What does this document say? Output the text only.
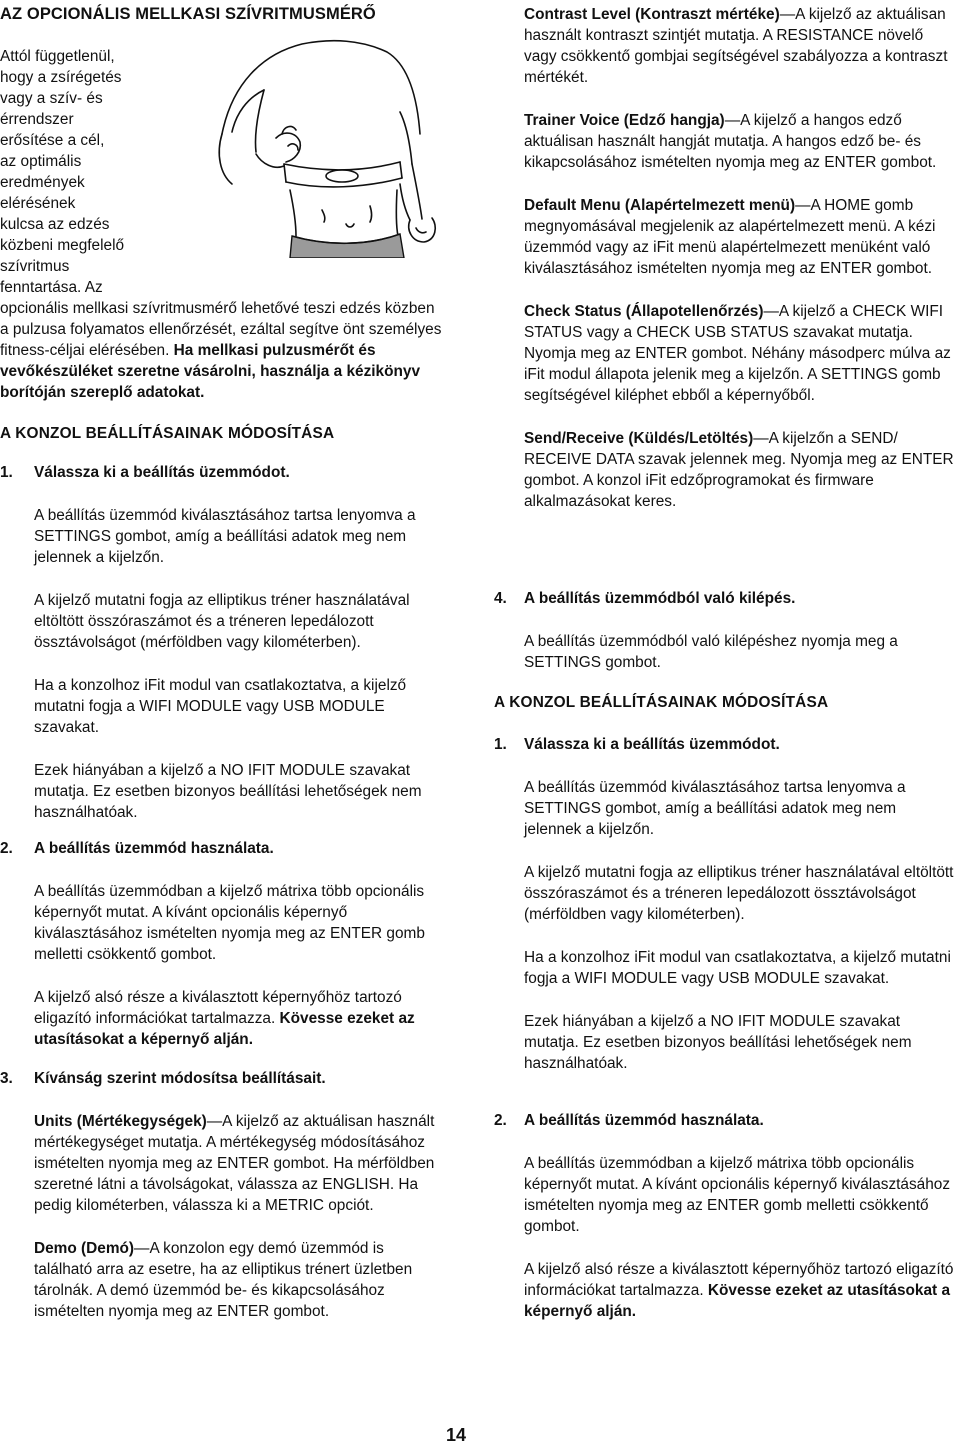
AZ OPCIONÁLIS MELLKASI SZÍVRITMUSMÉRŐ

Attól függetlenül,

hogy a zsírégetés

vagy a szív- és

érrendszer

erősítése a cél,

az optimális

eredmények

elérésének

kulcsa az edzés

közbeni megfelelő

szívritmus

fenntartása. Az

opcionális mellkasi szívritmusmérő lehetővé teszi edzés közben a pulzusa folyamatos ellenőrzését, ezáltal segítve önt személyes fitness-céljai elérésében. Ha mellkasi pulzusmérőt és vevőkészüléket szeretne vásárolni, használja a kézikönyv borítóján szereplő adatokat.

A KONZOL BEÁLLÍTÁSAINAK MÓDOSÍTÁSA

1. Válassza ki a beállítás üzemmódot.

A beállítás üzemmód kiválasztásához tartsa lenyomva a SETTINGS gombot, amíg a beállítási adatok meg nem jelennek a kijelzőn.

A kijelző mutatni fogja az elliptikus tréner használatával eltöltött összóraszámot és a tréneren lepedálozott össztávolságot (mérföldben vagy kilométerben).

Ha a konzolhoz iFit modul van csatlakoztatva, a kijelző mutatni fogja a WIFI MODULE vagy USB MODULE szavakat.

Ezek hiányában a kijelző a NO IFIT MODULE szavakat mutatja. Ez esetben bizonyos beállítási lehetőségek nem használhatóak.

2. A beállítás üzemmód használata.

A beállítás üzemmódban a kijelző mátrixa több opcionális képernyőt mutat. A kívánt opcionális képernyő kiválasztásához ismételten nyomja meg az ENTER gomb melletti csökkentő gombot.

A kijelző alsó része a kiválasztott képernyőhöz tartozó eligazító információkat tartalmazza. Kövesse ezeket az utasításokat a képernyő alján.

3. Kívánság szerint módosítsa beállításait.

Units (Mértékegységek)—A kijelző az aktuálisan használt mértékegységet mutatja. A mértékegység módosításához ismételten nyomja meg az ENTER gombot. Ha mérföldben szeretné látni a távolságokat, válassza az ENGLISH. Ha pedig kilométerben, válassza ki a METRIC opciót.

Demo (Demó)—A konzolon egy demó üzemmód is található arra az esetre, ha az elliptikus trénert üzletben tárolnák. A demó üzemmód be- és kikapcsolásához ismételten nyomja meg az ENTER gombot.

Contrast Level (Kontraszt mértéke)—A kijelző az aktuálisan használt kontraszt szintjét mutatja. A RESISTANCE növelő vagy csökkentő gombjai segítségével szabályozza a kontraszt mértékét.

Trainer Voice (Edző hangja)—A kijelző a hangos edző aktuálisan használt hangját mutatja. A hangos edző be- és kikapcsolásához ismételten nyomja meg az ENTER gombot.

Default Menu (Alapértelmezett menü)—A HOME gomb megnyomásával megjelenik az alapértelmezett menü. A kézi üzemmód vagy az iFit menü alapértelmezett menüként való kiválasztásához ismételten nyomja meg az ENTER gombot.

Check Status (Állapotellenőrzés)—A kijelző a CHECK WIFI STATUS vagy a CHECK USB STATUS szavakat mutatja. Nyomja meg az ENTER gombot. Néhány másodperc múlva az iFit modul állapota jelenik meg a kijelzőn. A SETTINGS gomb segítségével kiléphet ebből a képernyőből.

Send/Receive (Küldés/Letöltés)—A kijelzőn a SEND/ RECEIVE DATA szavak jelennek meg. Nyomja meg az ENTER gombot. A konzol iFit edzőprogramokat és firmware alkalmazásokat keres.

4. A beállítás üzemmódból való kilépés.

A beállítás üzemmódból való kilépéshez nyomja meg a SETTINGS gombot.

A KONZOL BEÁLLÍTÁSAINAK MÓDOSÍTÁSA

1. Válassza ki a beállítás üzemmódot.

A beállítás üzemmód kiválasztásához tartsa lenyomva a SETTINGS gombot, amíg a beállítási adatok meg nem jelennek a kijelzőn.

A kijelző mutatni fogja az elliptikus tréner használatával eltöltött összóraszámot és a tréneren lepedálozott össztávolságot (mérföldben vagy kilométerben).

Ha a konzolhoz iFit modul van csatlakoztatva, a kijelző mutatni fogja a WIFI MODULE vagy USB MODULE szavakat.

Ezek hiányában a kijelző a NO IFIT MODULE szavakat mutatja. Ez esetben bizonyos beállítási lehetőségek nem használhatóak.

2. A beállítás üzemmód használata.

A beállítás üzemmódban a kijelző mátrixa több opcionális képernyőt mutat. A kívánt opcionális képernyő kiválasztásához ismételten nyomja meg az ENTER gomb melletti csökkentő gombot.

A kijelző alsó része a kiválasztott képernyőhöz tartozó eligazító információkat tartalmazza. Kövesse ezeket az utasításokat a képernyő alján.

14
